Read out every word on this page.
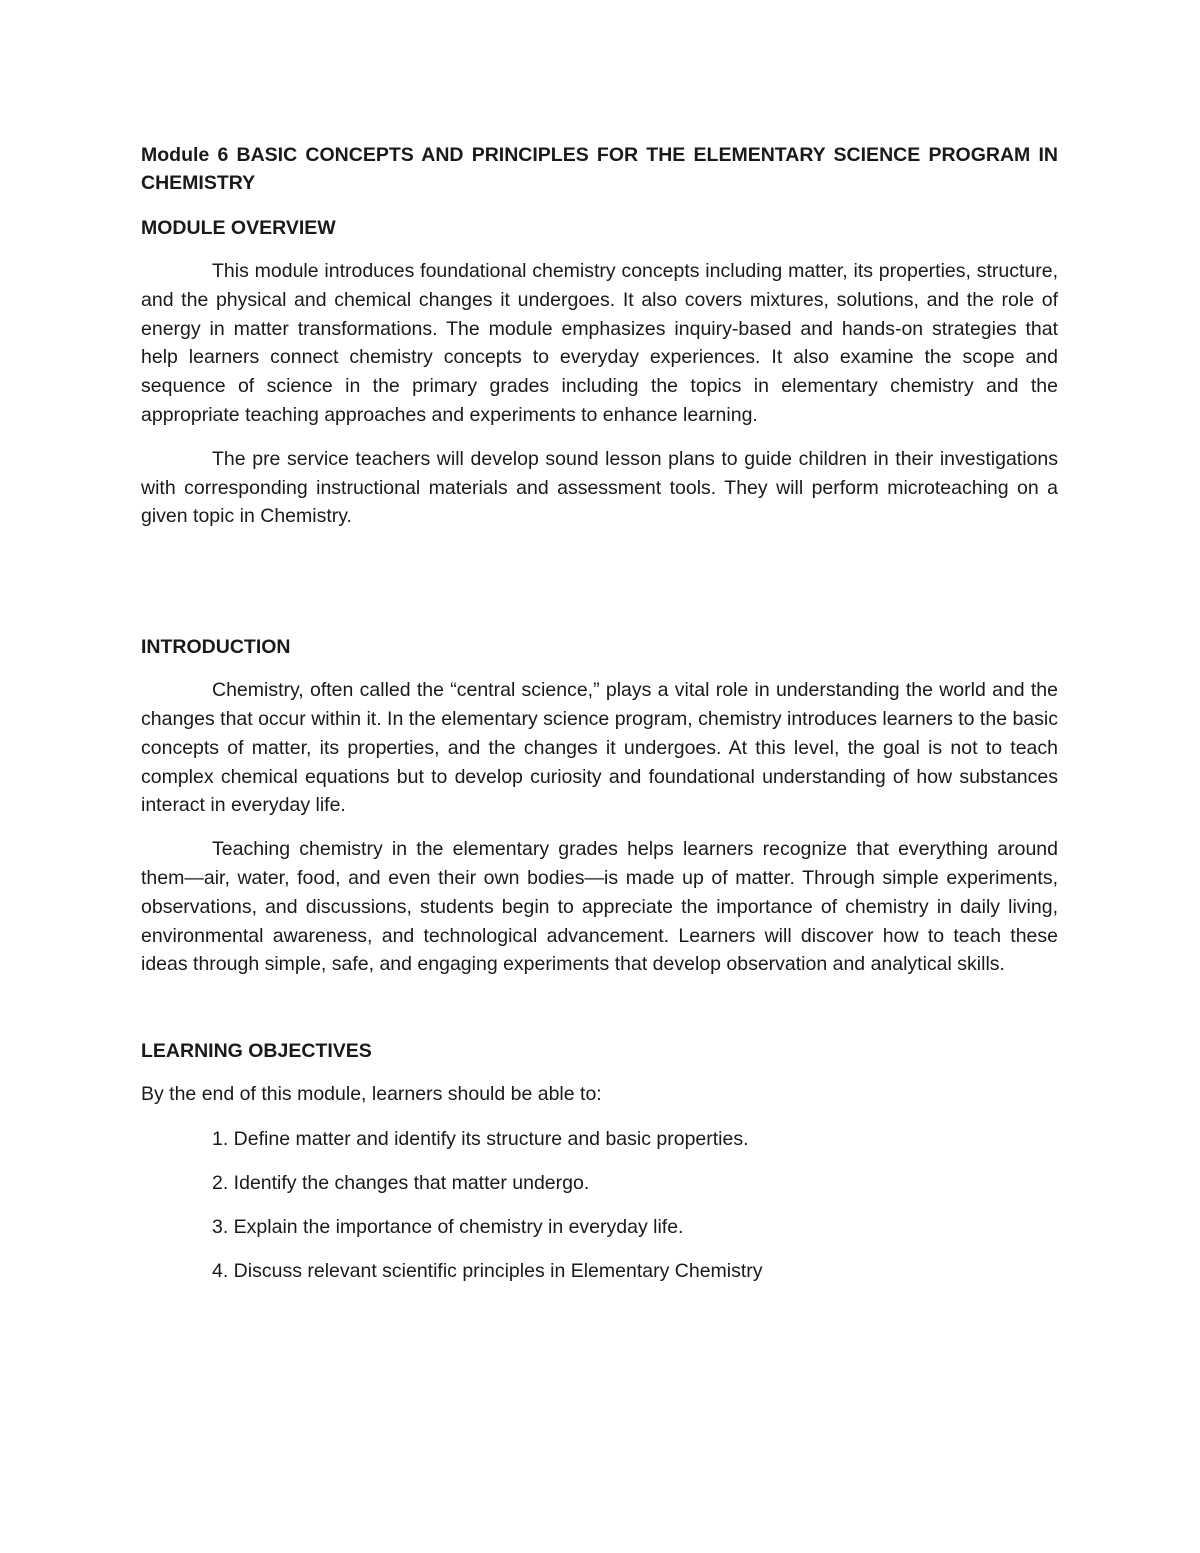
Module 6 BASIC CONCEPTS AND PRINCIPLES FOR THE ELEMENTARY SCIENCE PROGRAM IN CHEMISTRY
MODULE OVERVIEW

This module introduces foundational chemistry concepts including matter, its properties, structure, and the physical and chemical changes it undergoes. It also covers mixtures, solutions, and the role of energy in matter transformations. The module emphasizes inquiry-based and hands-on strategies that help learners connect chemistry concepts to everyday experiences. It also examine the scope and sequence of science in the primary grades including the topics in elementary chemistry and the appropriate teaching approaches and experiments to enhance learning.

The pre service teachers will develop sound lesson plans to guide children in their investigations with corresponding instructional materials and assessment tools. They will perform microteaching on a given topic in Chemistry.

INTRODUCTION

Chemistry, often called the “central science,” plays a vital role in understanding the world and the changes that occur within it. In the elementary science program, chemistry introduces learners to the basic concepts of matter, its properties, and the changes it undergoes. At this level, the goal is not to teach complex chemical equations but to develop curiosity and foundational understanding of how substances interact in everyday life.

Teaching chemistry in the elementary grades helps learners recognize that everything around them—air, water, food, and even their own bodies—is made up of matter. Through simple experiments, observations, and discussions, students begin to appreciate the importance of chemistry in daily living, environmental awareness, and technological advancement. Learners will discover how to teach these ideas through simple, safe, and engaging experiments that develop observation and analytical skills.

LEARNING OBJECTIVES

By the end of this module, learners should be able to:

1. Define matter and identify its structure and basic properties.
2. Identify the changes that matter undergo.
3. Explain the importance of chemistry in everyday life.
4. Discuss relevant scientific principles in Elementary Chemistry
